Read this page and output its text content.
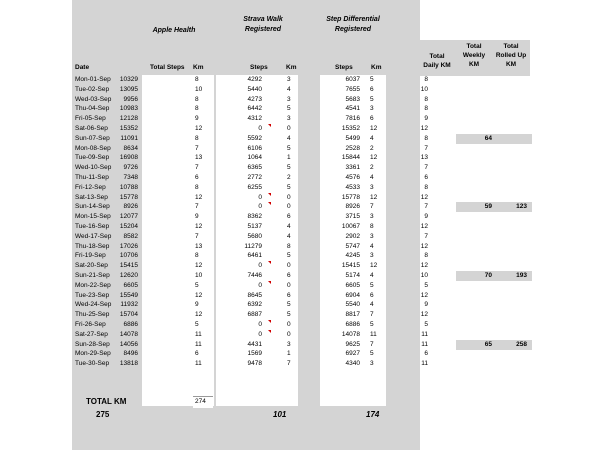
Apple Health
Strava Walk Registered
Step Differential Registered
Date	Total Steps Km	Steps	Km	Steps	Km
Total Daily KM
Total Weekly KM
Total Rolled Up KM
Mon-01-Sep 10329	8	4292	3	6037 5	8
Tue-02-Sep 13095	10	5440	4	7655 6	10
Wed-03-Sep 9956	8	4273	3	5683 5	8
Thu-04-Sep 10983	8	6442	5	4541 3	8
Fri-05-Sep 12128	9	4312	3	7816 6	9
Sat-06-Sep 15352	12	0	0	15352 12	12
Sun-07-Sep 11091	8	5592	4	5499 4	8	64
Mon-08-Sep 8634	7	6106	5	2528 2	7
Tue-09-Sep 16908	13	1064	1	15844 12	13
Wed-10-Sep 9726	7	6365	5	3361 2	7
Thu-11-Sep 7348	6	2772	2	4576 4	6
Fri-12-Sep 10788	8	6255	5	4533 3	8
Sat-13-Sep 15778	12	0	0	15778 12	12
Sun-14-Sep 8926	7	0	0	8926 7	7	59	123
Mon-15-Sep 12077	9	8362	6	3715 3	9
Tue-16-Sep 15204	12	5137	4	10067 8	12
Wed-17-Sep 8582	7	5680	4	2902 3	7
Thu-18-Sep 17026	13	11279	8	5747 4	12
Fri-19-Sep 10706	8	6461	5	4245 3	8
Sat-20-Sep 15415	12	0	0	15415 12	12
Sun-21-Sep 12620	10	7446	6	5174 4	10	70	193
Mon-22-Sep 6605	5	0	0	6605 5	5
Tue-23-Sep 15549	12	8645	6	6904 6	12
Wed-24-Sep 11932	9	6392	5	5540 4	9
Thu-25-Sep 15704	12	6887	5	8817 7	12
Fri-26-Sep	6886	5	0	0	6886 5	5
Sat-27-Sep 14078	11	0	0	14078 11	11
Sun-28-Sep 14056	11	4431	3	9625 7	11	65	258
Mon-29-Sep 8496	6	1569	1	6927 5	6
Tue-30-Sep 13818	11	9478	7	4340 3	11
TOTAL KM	274
275	101	174
